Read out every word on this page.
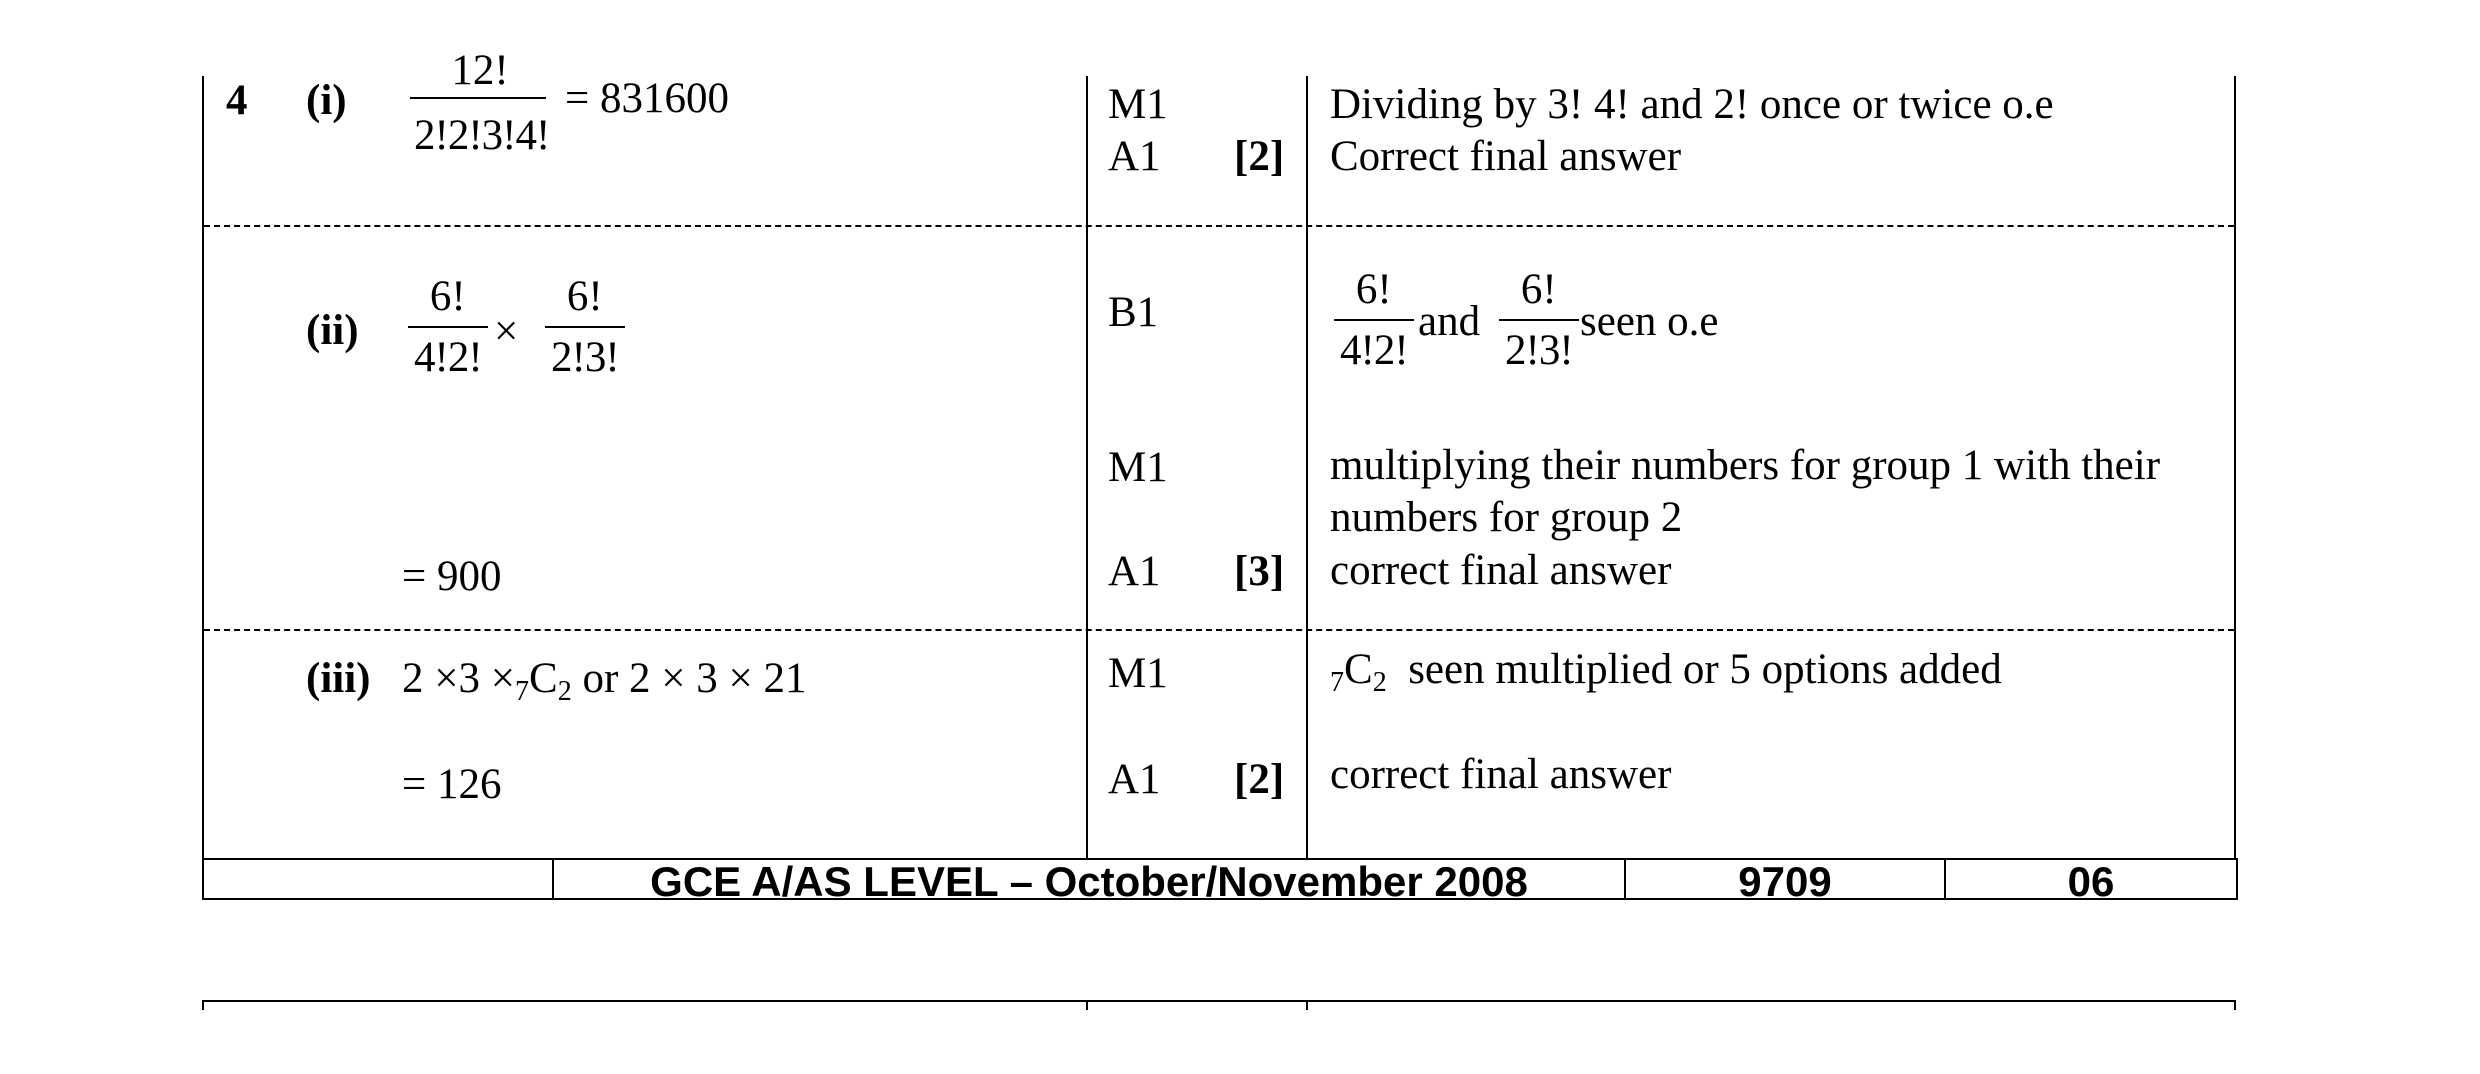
4 (i)
12!
2!2!3!4!
= 831600	M1	Dividing by 3! 4! and 2! once or twice o.e
A1 [2] Correct final answer
$(ii) \frac{6!}{4!2!} \times \frac{6!}{2!3!}$	B1	$\frac{6!}{4!2!}$ and $\frac{6!}{2!3!}$ seen o.e
M1	multiplying their numbers for group 1 with their
numbers for group 2
= 900	A1 [3] correct final answer
(iii) $2 \times 3 \times_7C_2$ or 2 × 3 × 21	M1	$_7C_2$ seen multiplied or 5 options added
= 126	A1 [2] correct final answer
GCE A/AS LEVEL – October/November 2008	9709	06
